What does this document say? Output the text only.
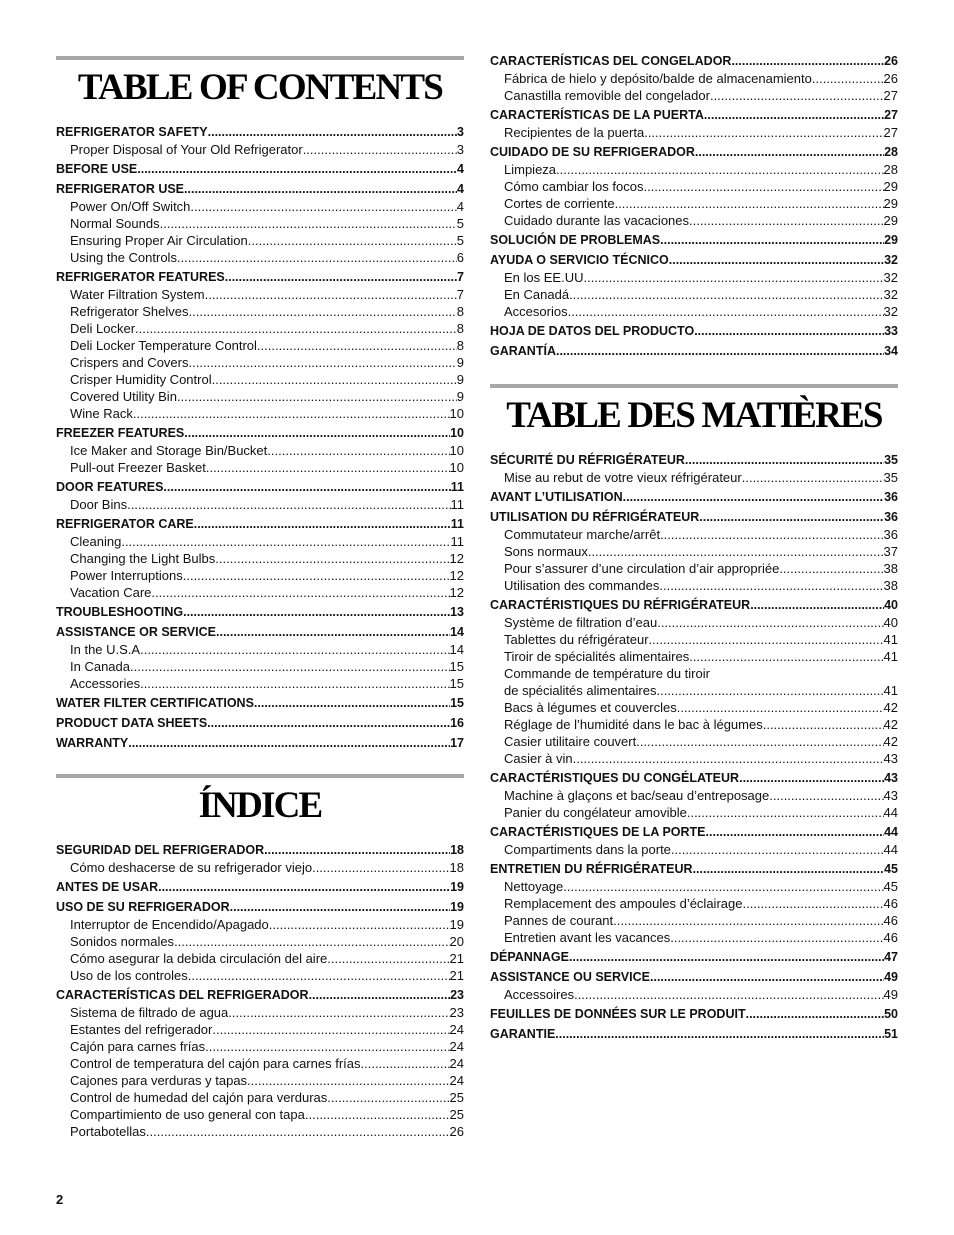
TABLE OF CONTENTS
REFRIGERATOR SAFETY .....	3
Proper Disposal of Your Old Refrigerator .....	3
BEFORE USE .....	4
REFRIGERATOR USE .....	4
Power On/Off Switch .....	4
Normal Sounds .....	5
Ensuring Proper Air Circulation .....	5
Using the Controls .....	6
REFRIGERATOR FEATURES .....	7
Water Filtration System .....	7
Refrigerator Shelves .....	8
Deli Locker .....	8
Deli Locker Temperature Control .....	8
Crispers and Covers .....	9
Crisper Humidity Control .....	9
Covered Utility Bin .....	9
Wine Rack .....	10
FREEZER FEATURES .....	10
Ice Maker and Storage Bin/Bucket .....	10
Pull-out Freezer Basket .....	10
DOOR FEATURES .....	11
Door Bins .....	11
REFRIGERATOR CARE .....	11
Cleaning .....	11
Changing the Light Bulbs .....	12
Power Interruptions .....	12
Vacation Care .....	12
TROUBLESHOOTING .....	13
ASSISTANCE OR SERVICE .....	14
In the U.S.A. .....	14
In Canada .....	15
Accessories .....	15
WATER FILTER CERTIFICATIONS .....	15
PRODUCT DATA SHEETS .....	16
WARRANTY .....	17
ÍNDICE
SEGURIDAD DEL REFRIGERADOR .....	18
Cómo deshacerse de su refrigerador viejo .....	18
ANTES DE USAR .....	19
USO DE SU REFRIGERADOR .....	19
Interruptor de Encendido/Apagado .....	19
Sonidos normales .....	20
Cómo asegurar la debida circulación del aire .....	21
Uso de los controles .....	21
CARACTERÍSTICAS DEL REFRIGERADOR .....	23
Sistema de filtrado de agua .....	23
Estantes del refrigerador .....	24
Cajón para carnes frías .....	24
Control de temperatura del cajón para carnes frías .....	24
Cajones para verduras y tapas .....	24
Control de humedad del cajón para verduras .....	25
Compartimiento de uso general con tapa .....	25
Portabotellas .....	26
CARACTERÍSTICAS DEL CONGELADOR .....	26
Fábrica de hielo y depósito/balde de almacenamiento .....	26
Canastilla removible del congelador .....	27
CARACTERÍSTICAS DE LA PUERTA .....	27
Recipientes de la puerta .....	27
CUIDADO DE SU REFRIGERADOR .....	28
Limpieza .....	28
Cómo cambiar los focos .....	29
Cortes de corriente .....	29
Cuidado durante las vacaciones .....	29
SOLUCIÓN DE PROBLEMAS .....	29
AYUDA O SERVICIO TÉCNICO .....	32
En los EE.UU. .....	32
En Canadá .....	32
Accesorios .....	32
HOJA DE DATOS DEL PRODUCTO .....	33
GARANTÍA .....	34
TABLE DES MATIÈRES
SÉCURITÉ DU RÉFRIGÉRATEUR .....	35
Mise au rebut de votre vieux réfrigérateur .....	35
AVANT L’UTILISATION .....	36
UTILISATION DU RÉFRIGÉRATEUR .....	36
Commutateur marche/arrêt .....	36
Sons normaux .....	37
Pour s’assurer d’une circulation d’air appropriée .....	38
Utilisation des commandes .....	38
CARACTÉRISTIQUES DU RÉFRIGÉRATEUR .....	40
Système de filtration d’eau .....	40
Tablettes du réfrigérateur .....	41
Tiroir de spécialités alimentaires .....	41
Commande de température du tiroir
de spécialités alimentaires .....	41
Bacs à légumes et couvercles .....	42
Réglage de l’humidité dans le bac à légumes .....	42
Casier utilitaire couvert .....	42
Casier à vin .....	43
CARACTÉRISTIQUES DU CONGÉLATEUR .....	43
Machine à glaçons et bac/seau d’entreposage .....	43
Panier du congélateur amovible .....	44
CARACTÉRISTIQUES DE LA PORTE .....	44
Compartiments dans la porte .....	44
ENTRETIEN DU RÉFRIGÉRATEUR .....	45
Nettoyage .....	45
Remplacement des ampoules d’éclairage .....	46
Pannes de courant .....	46
Entretien avant les vacances .....	46
DÉPANNAGE .....	47
ASSISTANCE OU SERVICE .....	49
Accessoires .....	49
FEUILLES DE DONNÉES SUR LE PRODUIT .....	50
GARANTIE .....	51
2
